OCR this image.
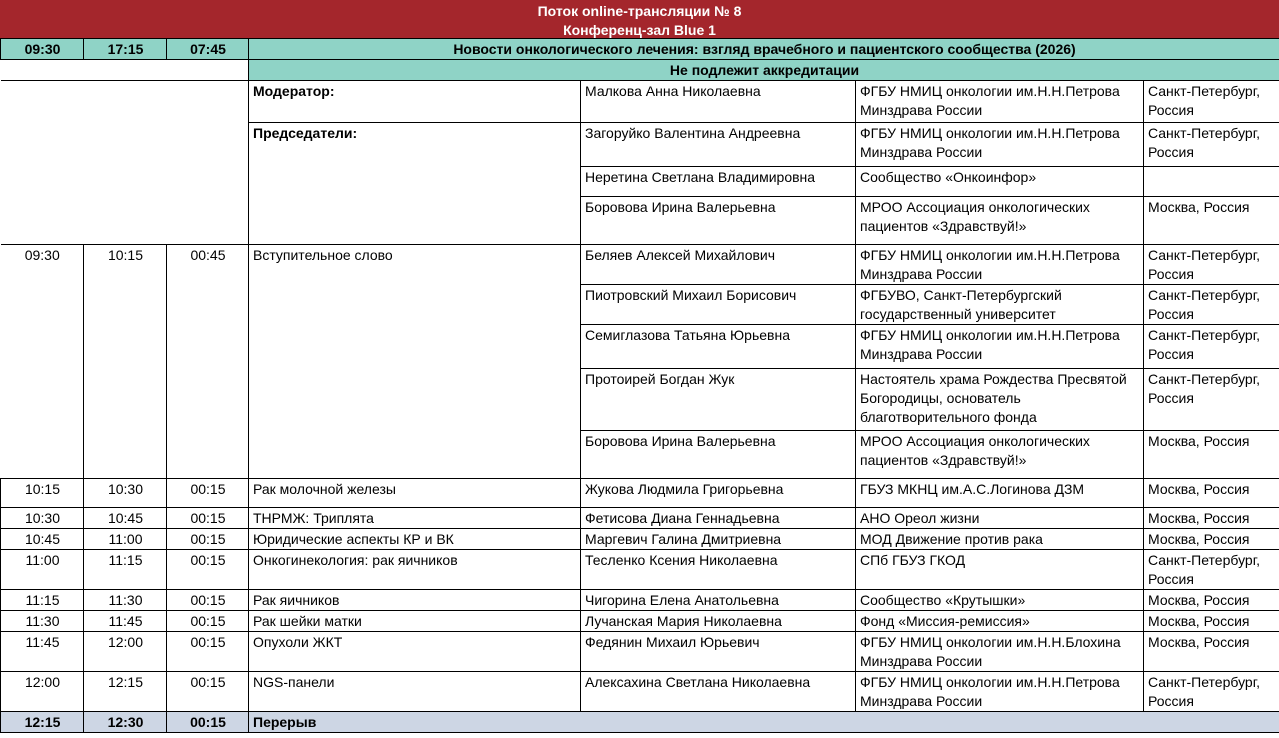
Поток online-трансляции № 8
Конференц-зал Blue 1
09:30	17:15	07:45	Новости онкологического лечения: взгляд врачебного и пациентского сообщества (2026)			
			Не подлежит аккредитации			
			Модератор:	Малкова Анна Николаевна	ФГБУ НМИЦ онкологии им.Н.Н.Петрова Минздрава России	Санкт-Петербург, Россия
			Председатели:	Загоруйко Валентина Андреевна	ФГБУ НМИЦ онкологии им.Н.Н.Петрова Минздрава России	Санкт-Петербург, Россия
				Неретина Светлана Владимировна	Сообщество «Онкоинфор»	
				Боровова Ирина Валерьевна	МРОО Ассоциация онкологических пациентов «Здравствуй!»	Москва, Россия
09:30	10:15	00:45	Вступительное слово	Беляев Алексей Михайлович	ФГБУ НМИЦ онкологии им.Н.Н.Петрова Минздрава России	Санкт-Петербург, Россия
				Пиотровский Михаил Борисович	ФГБУВО, Санкт-Петербургский государственный университет	Санкт-Петербург, Россия
				Семиглазова Татьяна Юрьевна	ФГБУ НМИЦ онкологии им.Н.Н.Петрова Минздрава России	Санкт-Петербург, Россия
				Протоирей Богдан Жук	Настоятель храма Рождества Пресвятой Богородицы, основатель благотворительного фонда	Санкт-Петербург, Россия
				Боровова Ирина Валерьевна	МРОО Ассоциация онкологических пациентов «Здравствуй!»	Москва, Россия
10:15	10:30	00:15	Рак молочной железы	Жукова Людмила Григорьевна	ГБУЗ МКНЦ им.А.С.Логинова ДЗМ	Москва, Россия
10:30	10:45	00:15	ТНРМЖ: Триплята	Фетисова Диана Геннадьевна	АНО Ореол жизни	Москва, Россия
10:45	11:00	00:15	Юридические аспекты КР и ВК	Маргевич Галина Дмитриевна	МОД Движение против рака	Москва, Россия
11:00	11:15	00:15	Онкогинекология: рак яичников	Тесленко Ксения Николаевна	СПб ГБУЗ ГКОД	Санкт-Петербург, Россия
11:15	11:30	00:15	Рак яичников	Чигорина Елена Анатольевна	Сообщество «Крутышки»	Москва, Россия
11:30	11:45	00:15	Рак шейки матки	Лучанская Мария Николаевна	Фонд «Миссия-ремиссия»	Москва, Россия
11:45	12:00	00:15	Опухоли ЖКТ	Федянин Михаил Юрьевич	ФГБУ НМИЦ онкологии им.Н.Н.Блохина Минздрава России	Москва, Россия
12:00	12:15	00:15	NGS-панели	Алексахина Светлана Николаевна	ФГБУ НМИЦ онкологии им.Н.Н.Петрова Минздрава России	Санкт-Петербург, Россия
12:15	12:30	00:15	Перерыв			
